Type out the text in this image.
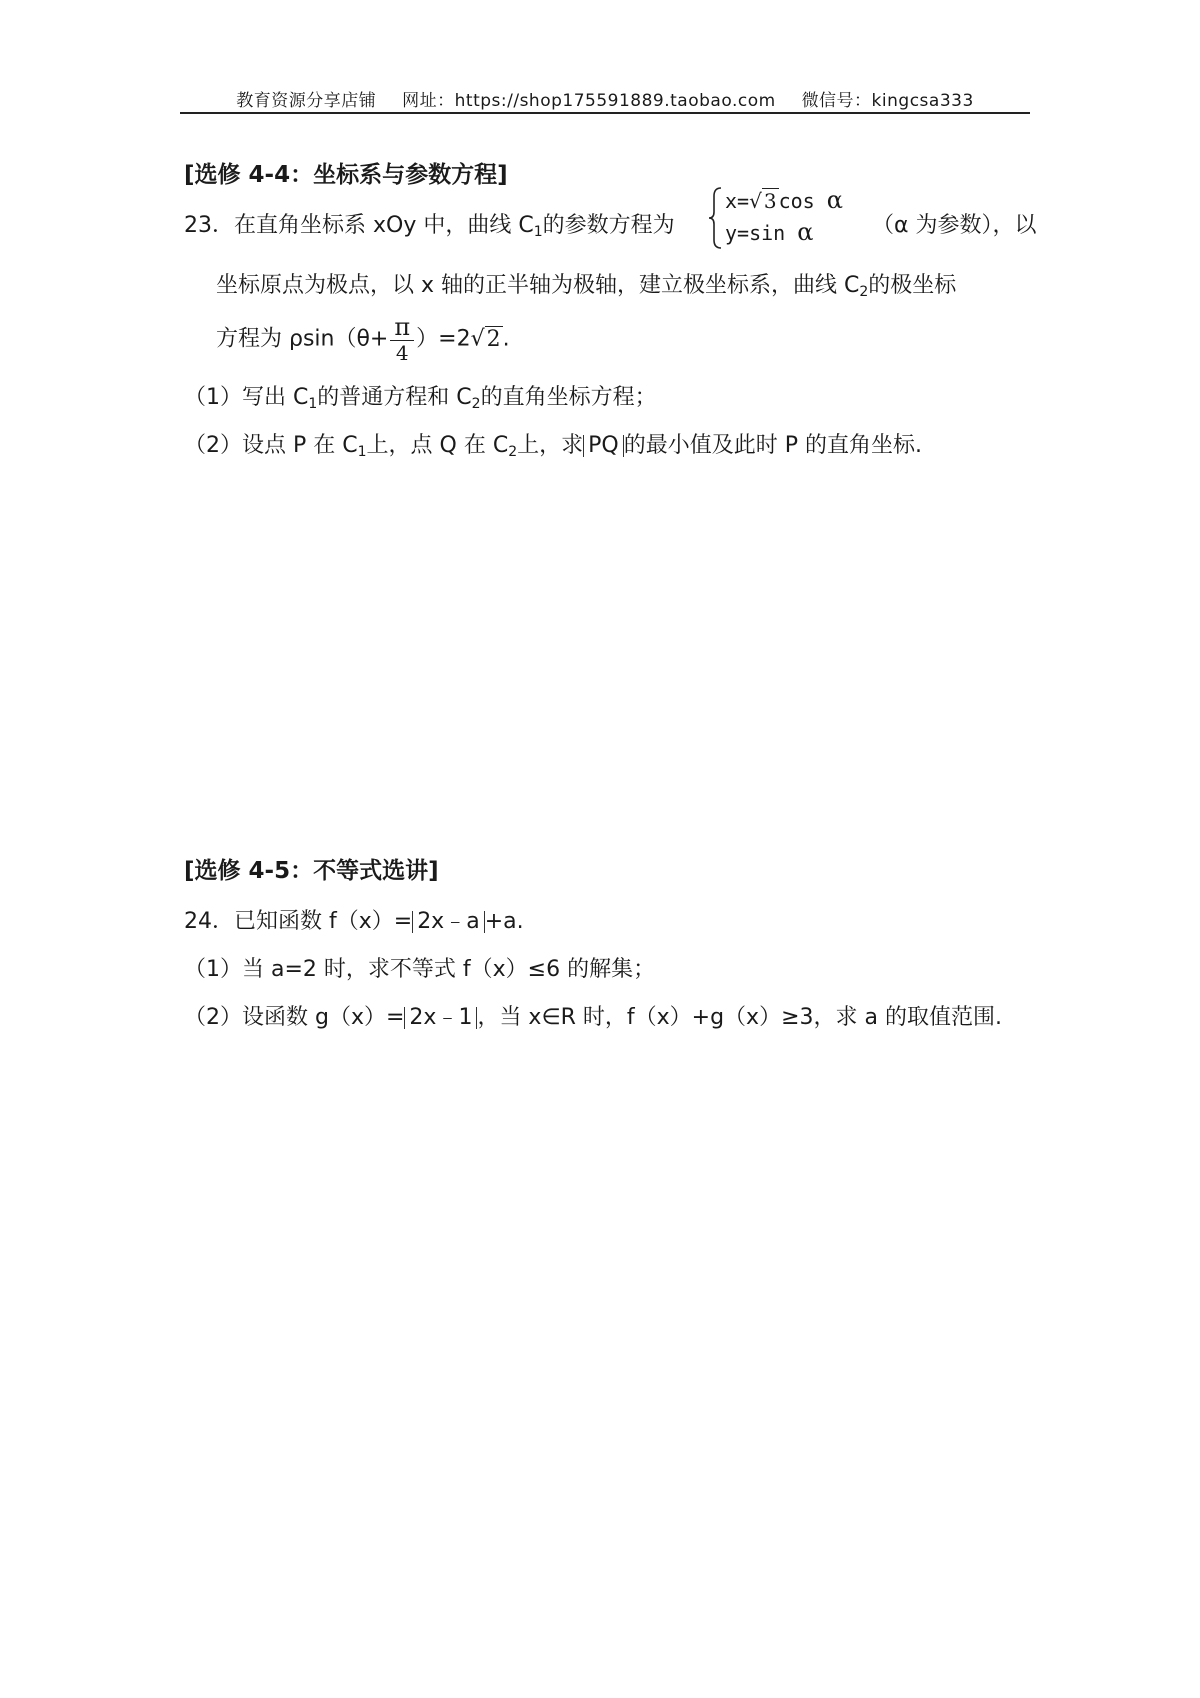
教育资源分享店铺 网址：https://shop175591889.taobao.com 微信号：kingcsa333
[选修 4-4：坐标系与参数方程]
23．在直角坐标系 xOy 中，曲线 $C_1$的参数方程为
x=√ 3 cos α
y=sin α	（α 为参数），以
坐标原点为极点，以 x 轴的正半轴为极轴，建立极坐标系，曲线 $C_2$的极坐标
方程为 $\rho\sin(\theta+ \frac{\pi}{4} )=2√2$.
（1）写出 $C_1$的普通方程和 $C_2$的直角坐标方程；
（2）设点 P 在 $C_1$上，点 Q 在 $C_2$上，求 PQ 的最小值及此时 P 的直角坐标.
[选修 4-5：不等式选讲]
24．已知函数 f（x）= 2x﹣a +a.
（1）当 a=2 时，求不等式 f（x）≤6 的解集；
（2）设函数 g（x）= 2x﹣1 ，当 x∈R 时，f（x）+g（x）≥3，求 a 的取值范围.
